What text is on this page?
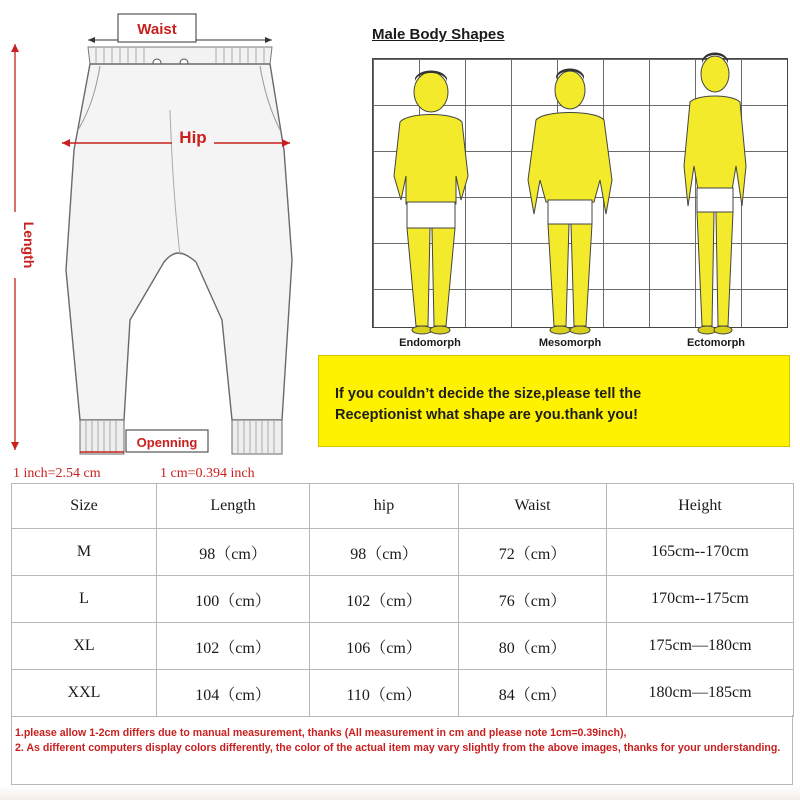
Waist
Hip
Length
Openning
Male Body Shapes
Endomorph	Mesomorph	Ectomorph
If you couldn’t decide the size,please tell the
Receptionist what shape are you.thank you!
1 inch=2.54 cm	1 cm=0.394 inch
Size	Length	hip	Waist	Height
M	98（cm）	98（cm）	72（cm）	165cm--170cm
L	100（cm）	102（cm）	76（cm）	170cm--175cm
XL	102（cm）	106（cm）	80（cm）	175cm—180cm
XXL	104（cm）	110（cm）	84（cm）	180cm—185cm

1.please allow 1-2cm differs due to manual measurement, thanks (All measurement in cm and please note 1cm=0.39inch),

2. As different computers display colors differently, the color of the actual item may vary slightly from the above images, thanks for your understanding.
